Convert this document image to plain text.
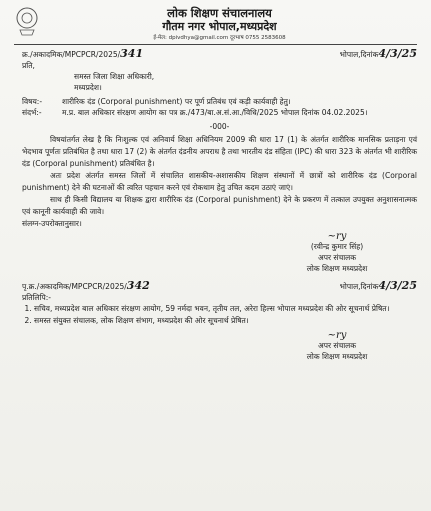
लोक शिक्षण संचालनालय
गौतम नगर भोपाल,मध्यप्रदेश
ई-मेल: dpivdhya@gmail.com दूरभाष 0755 2583608
क्र./अकादमिक/MPCPCR/2025/341	भोपाल,दिनांक4/3/25
प्रति,
समस्त जिला शिक्षा अधिकारी,
मध्यप्रदेश।
विषय:-	शारीरिक दंड (Corporal punishment) पर पूर्ण प्रतिबंध एवं कड़ी कार्यवाही हेतु।
संदर्भ:-	म.प्र. बाल अधिकार संरक्षण आयोग का पत्र क्र./473/बा.अ.सं.आ./विधि/2025 भोपाल दिनांक 04.02.2025।
-000-

विषयांतर्गत लेख है कि निःशुल्क एवं अनिवार्य शिक्षा अधिनियम 2009 की धारा 17 (1) के अंतर्गत शारीरिक मानसिक प्रताड़ना एवं भेदभाव पूर्णतः प्रतिबंधित है तथा धारा 17 (2) के अंतर्गत दंडनीय अपराध है तथा भारतीय दंड संहिता (IPC) की धारा 323 के अंतर्गत भी शारीरिक दंड (Corporal punishment) प्रतिबंधित है।

अतः प्रदेश अंतर्गत समस्त जिलों में संचालित शासकीय-अशासकीय शिक्षण संस्थानों में छात्रों को शारीरिक दंड (Corporal punishment) देने की घटनाओं की त्वरित पहचान करने एवं रोकथाम हेतु उचित कदम उठाएं जाएं।

साथ ही किसी विद्यालय या शिक्षक द्वारा शारीरिक दंड (Corporal punishment) देने के प्रकरण में तत्काल उपयुक्त अनुशासनात्मक एवं कानूनी कार्यवाही की जावे।

संलग्न-उपरोक्तानुसार।
~ry
(रवीन्द्र कुमार सिंह)
अपर संचालक
लोक शिक्षण मध्यप्रदेश
पृ.क्र./अकादमिक/MPCPCR/2025/342	भोपाल,दिनांक4/3/25
प्रतिलिपि:-
1. सचिव, मध्यप्रदेश बाल अधिकार संरक्षण आयोग, 59 नर्मदा भवन, तृतीय तल, अरेरा हिल्स भोपाल मध्यप्रदेश की ओर सूचनार्थ प्रेषित।
2. समस्त संयुक्त संचालक, लोक शिक्षण संभाग, मध्यप्रदेश की ओर सूचनार्थ प्रेषित।
~ry
अपर संचालक
लोक शिक्षण मध्यप्रदेश
